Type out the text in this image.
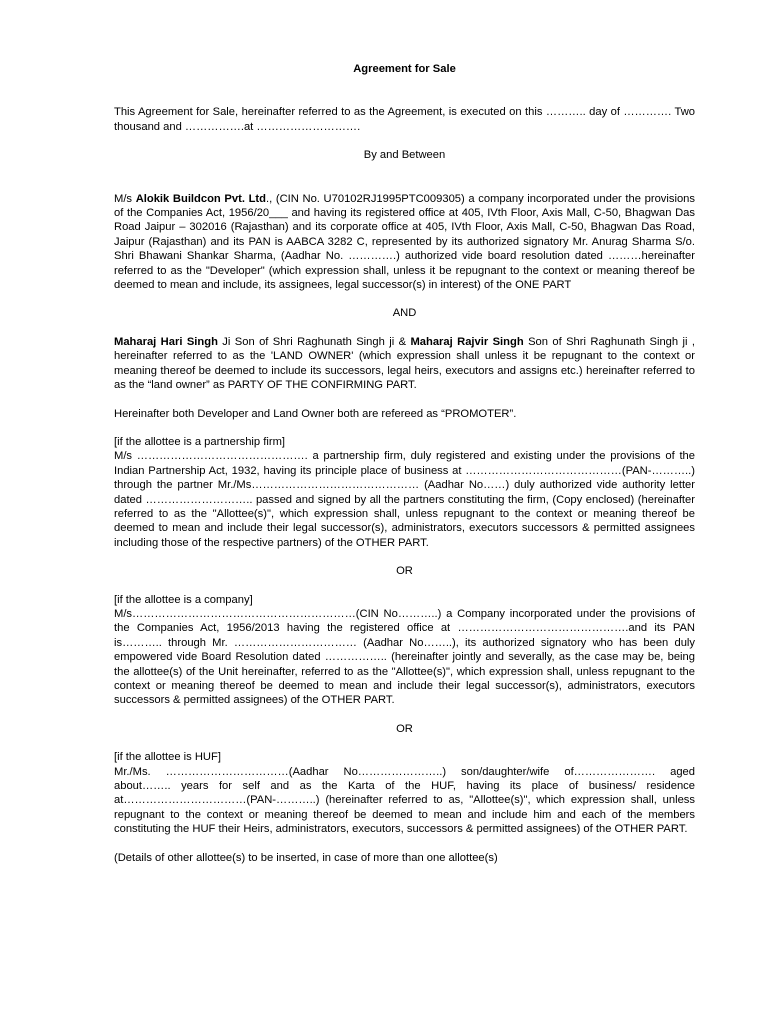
Agreement for Sale

This Agreement for Sale, hereinafter referred to as the Agreement, is executed on this ……….. day of …………. Two thousand and …………….at ……………………….

By and Between

M/s Alokik Buildcon Pvt. Ltd., (CIN No. U70102RJ1995PTC009305) a company incorporated under the provisions of the Companies Act, 1956/20___ and having its registered office at 405, IVth Floor, Axis Mall, C-50, Bhagwan Das Road Jaipur – 302016 (Rajasthan) and its corporate office at 405, IVth Floor, Axis Mall, C-50, Bhagwan Das Road, Jaipur (Rajasthan) and its PAN is AABCA 3282 C, represented by its authorized signatory Mr. Anurag Sharma S/o. Shri Bhawani Shankar Sharma, (Aadhar No. ………….) authorized vide board resolution dated ………hereinafter referred to as the "Developer" (which expression shall, unless it be repugnant to the context or meaning thereof be deemed to mean and include, its assignees, legal successor(s) in interest) of the ONE PART

AND

Maharaj Hari Singh Ji Son of Shri Raghunath Singh ji & Maharaj Rajvir Singh Son of Shri Raghunath Singh ji , hereinafter referred to as the 'LAND OWNER' (which expression shall unless it be repugnant to the context or meaning thereof be deemed to include its successors, legal heirs, executors and assigns etc.) hereinafter referred to as the “land owner” as PARTY OF THE CONFIRMING PART.

Hereinafter both Developer and Land Owner both are refereed as “PROMOTER”.

[if the allottee is a partnership firm]

M/s ………………………………………. a partnership firm, duly registered and existing under the provisions of the Indian Partnership Act, 1932, having its principle place of business at ……………………………………(PAN-………..) through the partner Mr./Ms……………………………………… (Aadhar No……) duly authorized vide authority letter dated ……………………….. passed and signed by all the partners constituting the firm, (Copy enclosed) (hereinafter referred to as the "Allottee(s)", which expression shall, unless repugnant to the context or meaning thereof be deemed to mean and include their legal successor(s), administrators, executors successors & permitted assignees including those of the respective partners) of the OTHER PART.

OR

[if the allottee is a company]

M/s……………………………………………………(CIN No………..) a Company incorporated under the provisions of the Companies Act, 1956/2013 having the registered office at ……………………………………….and its PAN is……….. through Mr. …………………………… (Aadhar No……..), its authorized signatory who has been duly empowered vide Board Resolution dated …………….. (hereinafter jointly and severally, as the case may be, being the allottee(s) of the Unit hereinafter, referred to as the "Allottee(s)", which expression shall, unless repugnant to the context or meaning thereof be deemed to mean and include their legal successor(s), administrators, executors successors & permitted assignees) of the OTHER PART.

OR

[if the allottee is HUF]

Mr./Ms. ……………………………(Aadhar No…………………..) son/daughter/wife of…………………. aged about…….. years for self and as the Karta of the HUF, having its place of business/ residence at……………………………(PAN-………..) (hereinafter referred to as, "Allottee(s)", which expression shall, unless repugnant to the context or meaning thereof be deemed to mean and include him and each of the members constituting the HUF their Heirs, administrators, executors, successors & permitted assignees) of the OTHER PART.

(Details of other allottee(s) to be inserted, in case of more than one allottee(s)
